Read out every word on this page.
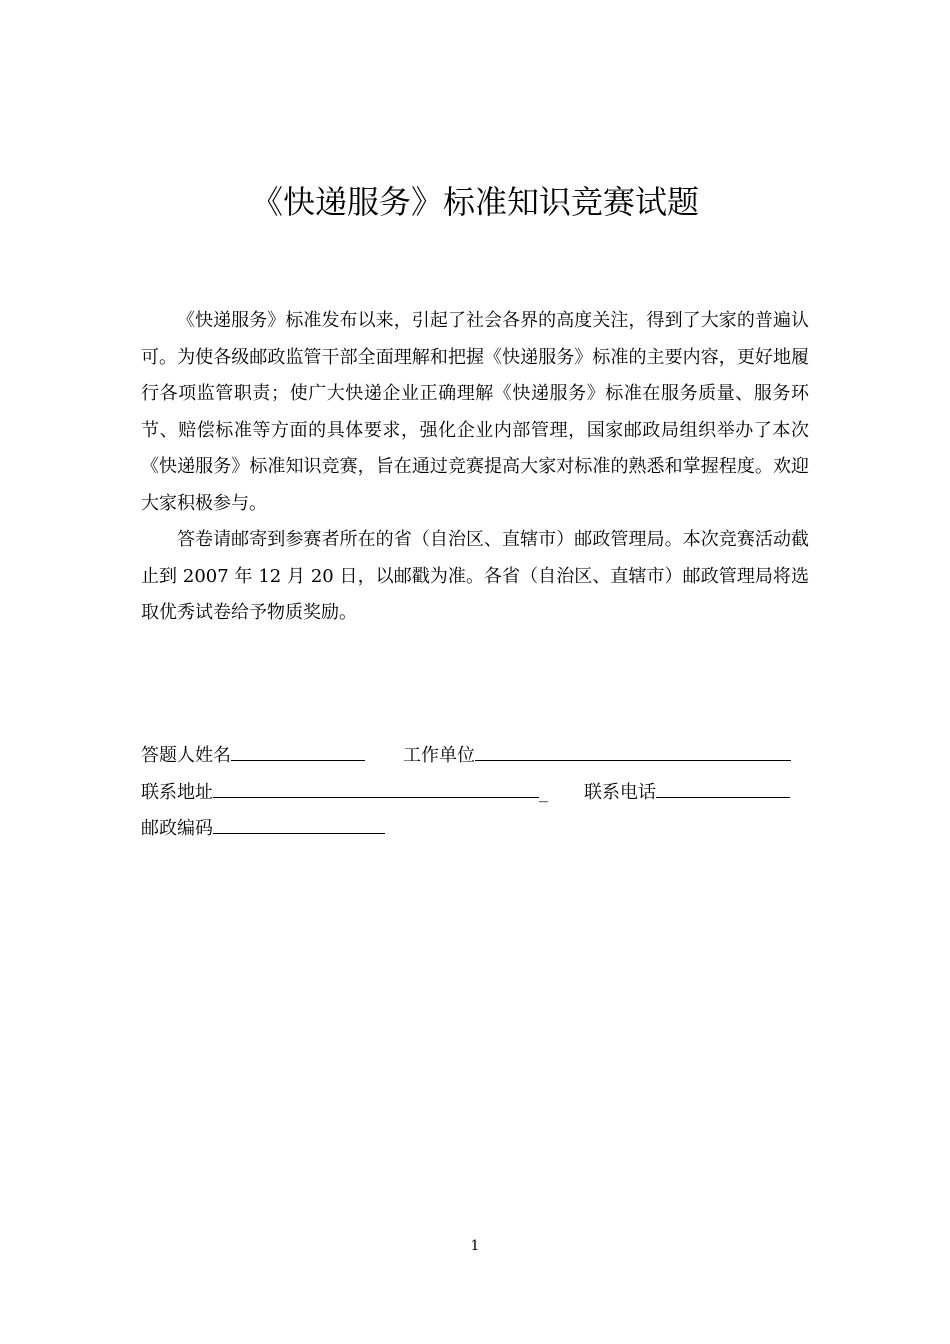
《快递服务》标准知识竞赛试题

《快递服务》标准发布以来，引起了社会各界的高度关注，得到了大家的普遍认可。为使各级邮政监管干部全面理解和把握《快递服务》标准的主要内容，更好地履行各项监管职责；使广大快递企业正确理解《快递服务》标准在服务质量、服务环节、赔偿标准等方面的具体要求，强化企业内部管理，国家邮政局组织举办了本次《快递服务》标准知识竞赛，旨在通过竞赛提高大家对标准的熟悉和掌握程度。欢迎大家积极参与。

答卷请邮寄到参赛者所在的省（自治区、直辖市）邮政管理局。本次竞赛活动截止到 2007 年 12 月 20 日，以邮戳为准。各省（自治区、直辖市）邮政管理局将选取优秀试卷给予物质奖励。

答题人姓名	工作单位
联系地址	_ 联系电话
邮政编码
1
